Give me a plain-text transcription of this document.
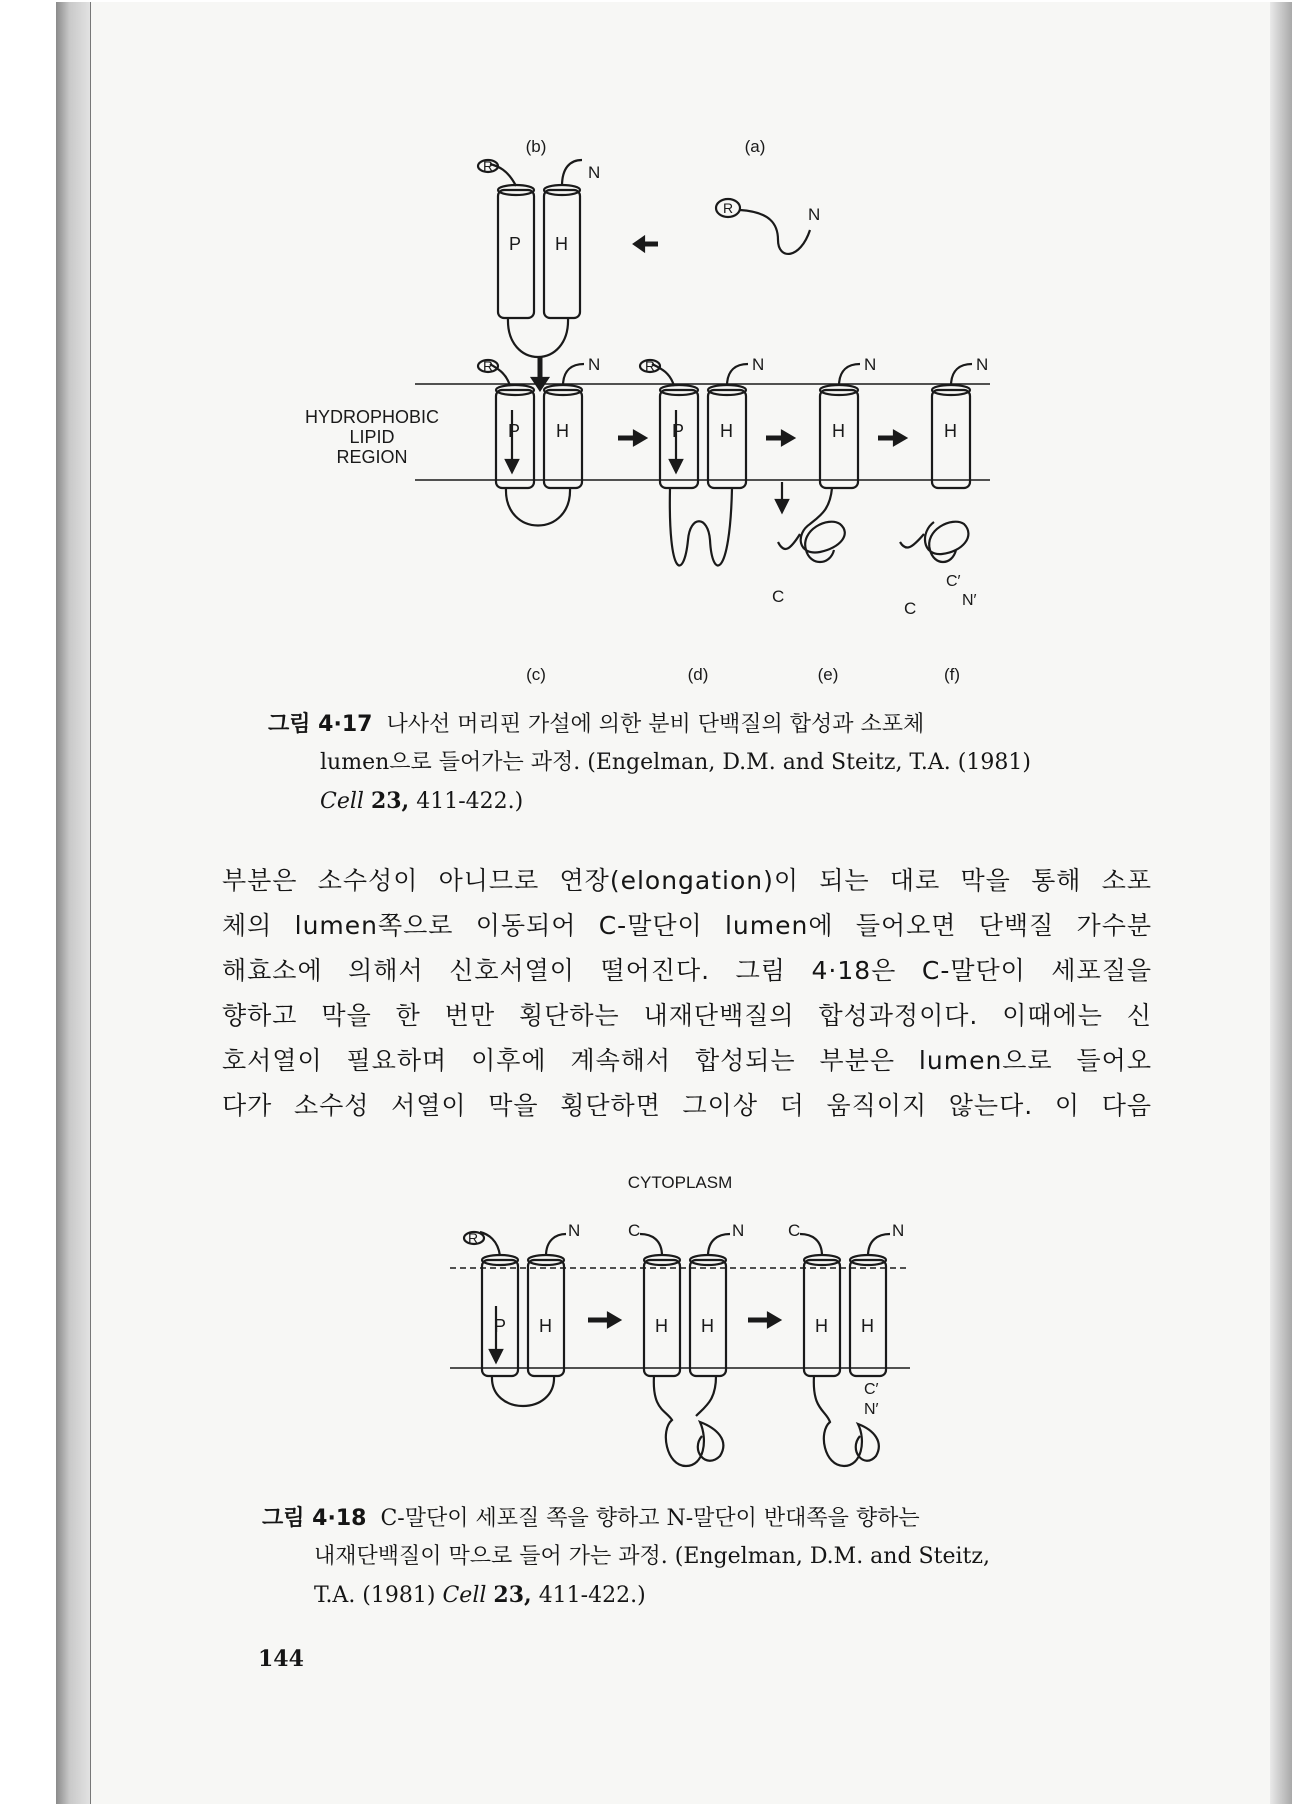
(b)	(a)
R	N
P H
R	N
HYDROPHOBIC
LIPID
REGION
R	N
P H
R	N
P H
N
H
C
N
H
C′
N′
C
(c)	(d)	(e)	(f)
그림 4·17 나사선 머리핀 가설에 의한 분비 단백질의 합성과 소포체
lumen으로 들어가는 과정. (Engelman, D.M. and Steitz, T.A. (1981)
Cell 23, 411-422.)
부분은 소수성이 아니므로 연장(elongation)이 되는 대로 막을 통해 소포
체의 lumen쪽으로 이동되어 C-말단이 lumen에 들어오면 단백질 가수분
해효소에 의해서 신호서열이 떨어진다. 그림 4·18은 C-말단이 세포질을
향하고 막을 한 번만 횡단하는 내재단백질의 합성과정이다. 이때에는 신
호서열이 필요하며 이후에 계속해서 합성되는 부분은 lumen으로 들어오
다가 소수성 서열이 막을 횡단하면 그이상 더 움직이지 않는다. 이 다음
CYTOPLASM
R	N
P H
C	N
H H
C	N
H H
C′
N′
그림 4·18 C-말단이 세포질 쪽을 향하고 N-말단이 반대쪽을 향하는
내재단백질이 막으로 들어 가는 과정. (Engelman, D.M. and Steitz,
T.A. (1981) Cell 23, 411-422.)
144
